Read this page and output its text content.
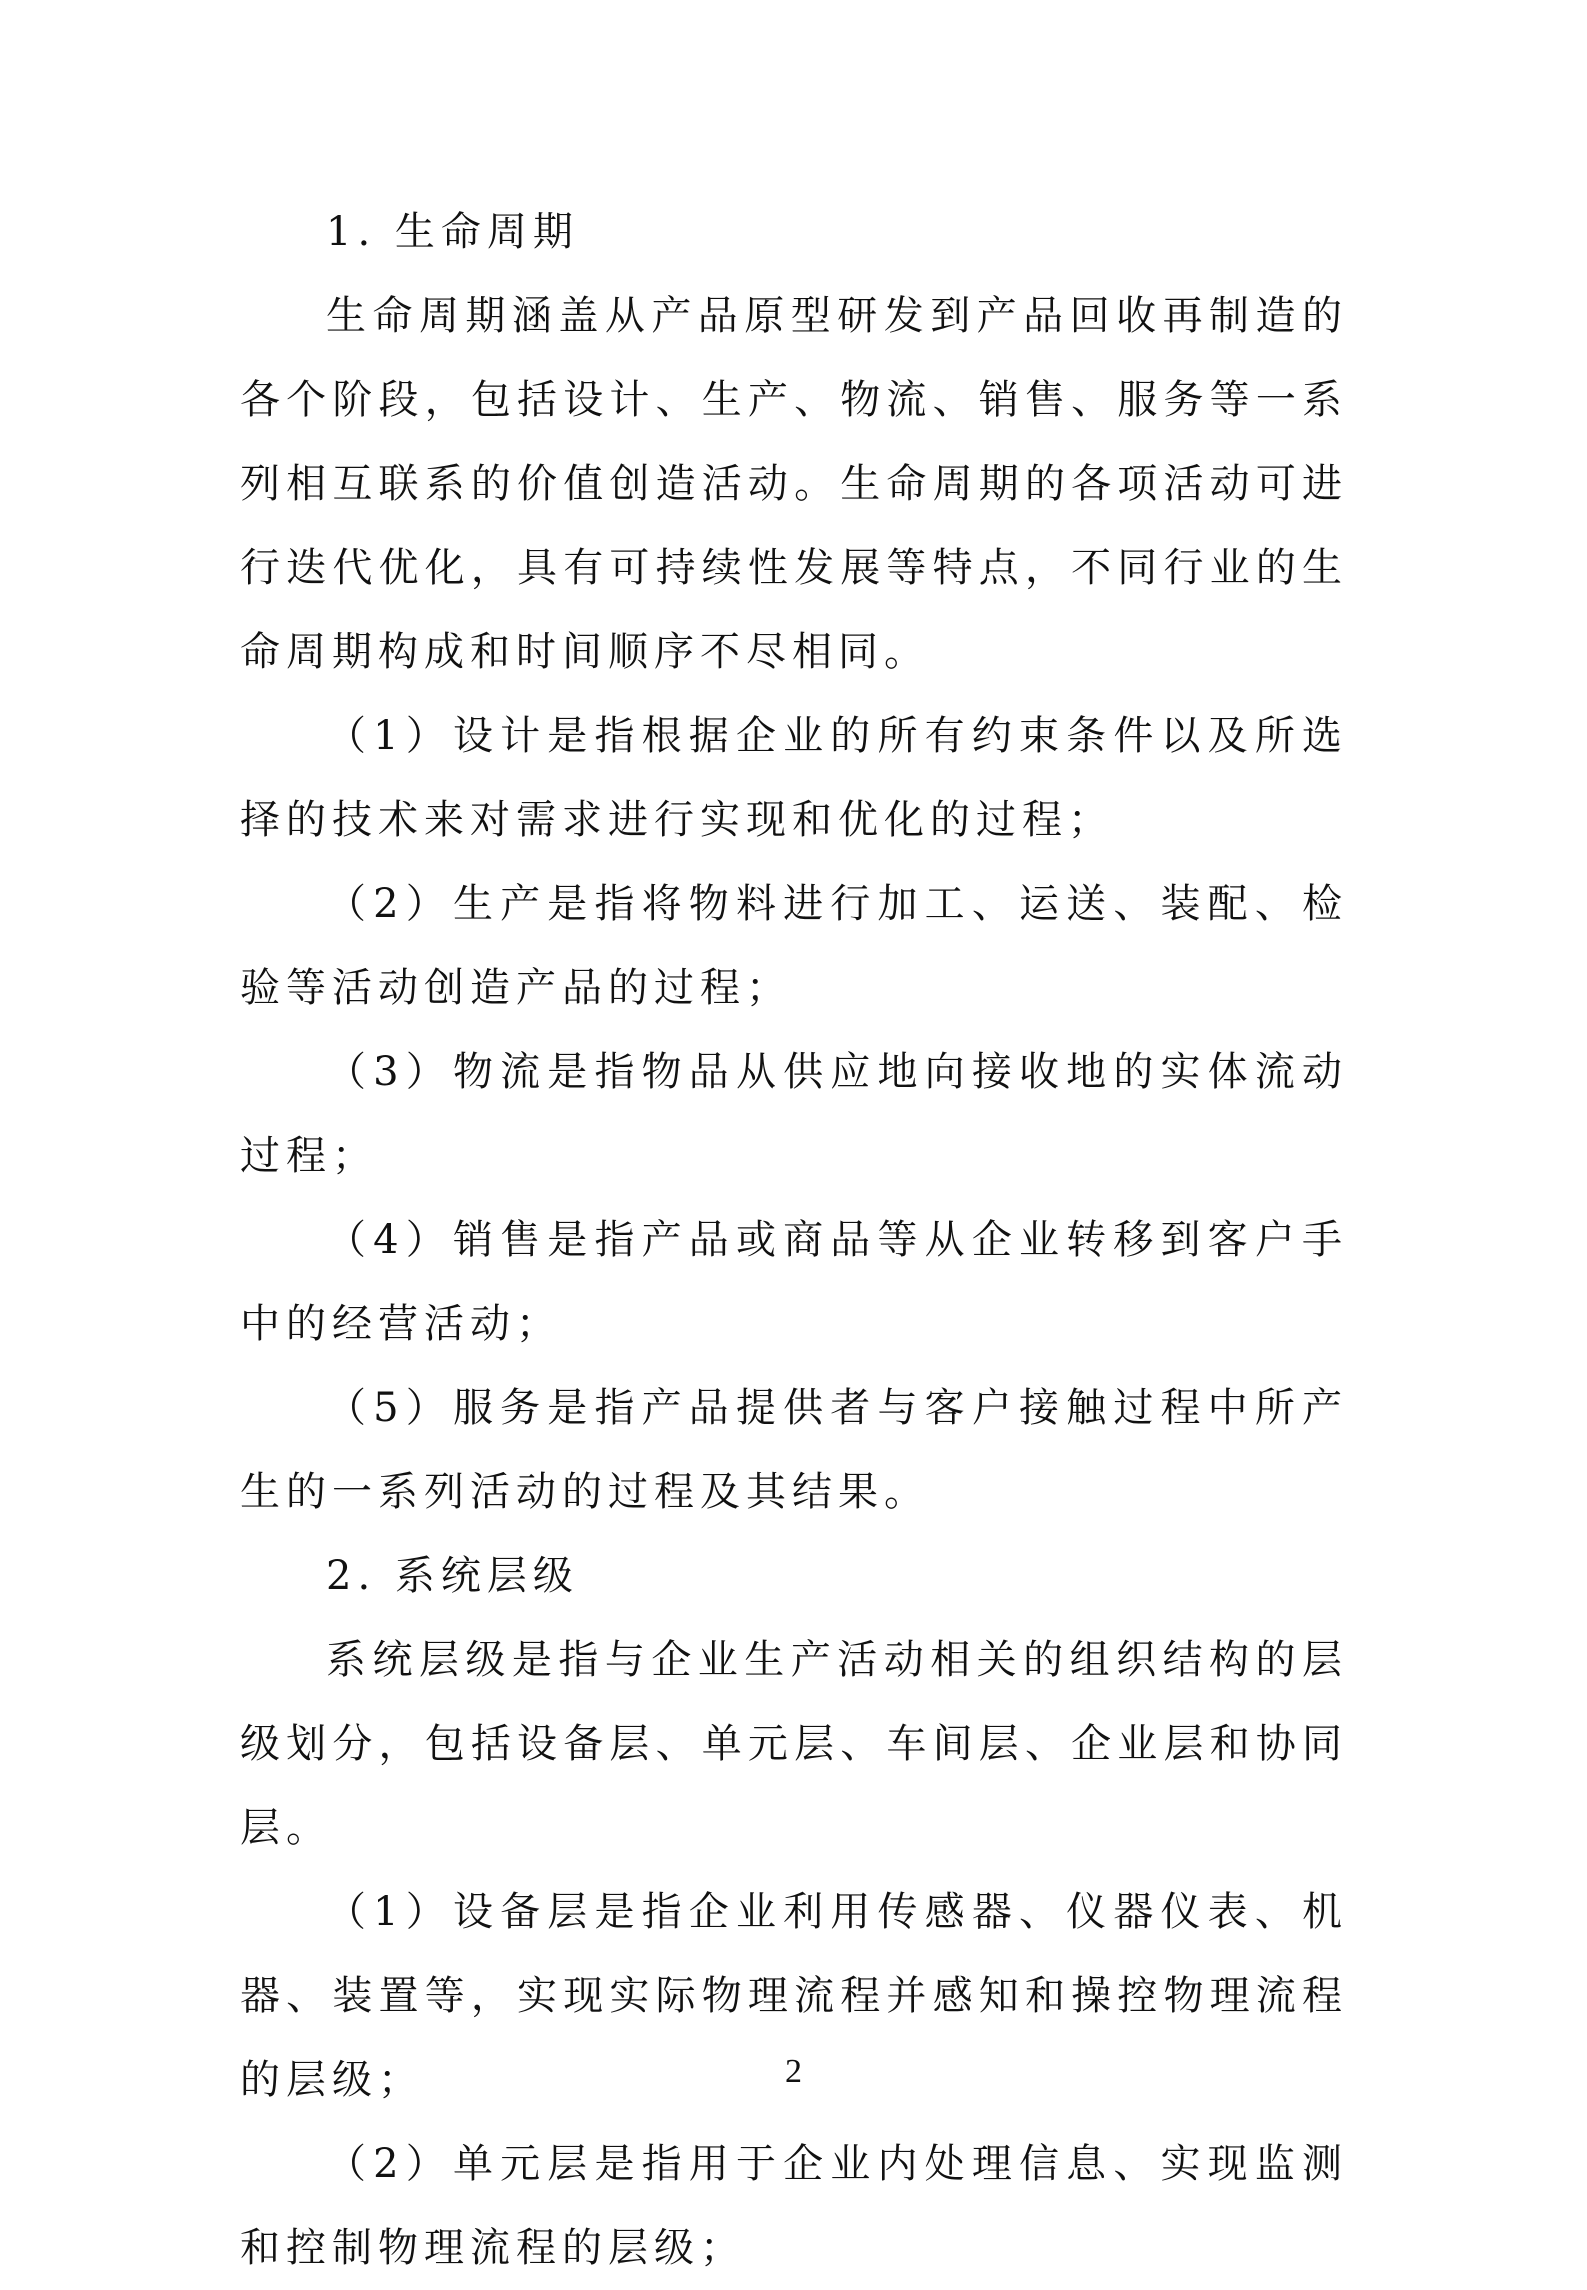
1. 生命周期

生命周期涵盖从产品原型研发到产品回收再制造的各个阶段，包括设计、生产、物流、销售、服务等一系列相互联系的价值创造活动。生命周期的各项活动可进行迭代优化，具有可持续性发展等特点，不同行业的生命周期构成和时间顺序不尽相同。

（1）设计是指根据企业的所有约束条件以及所选择的技术来对需求进行实现和优化的过程；

（2）生产是指将物料进行加工、运送、装配、检验等活动创造产品的过程；

（3）物流是指物品从供应地向接收地的实体流动过程；

（4）销售是指产品或商品等从企业转移到客户手中的经营活动；

（5）服务是指产品提供者与客户接触过程中所产生的一系列活动的过程及其结果。

2. 系统层级

系统层级是指与企业生产活动相关的组织结构的层级划分，包括设备层、单元层、车间层、企业层和协同层。

（1）设备层是指企业利用传感器、仪器仪表、机器、装置等，实现实际物理流程并感知和操控物理流程的层级；

（2）单元层是指用于企业内处理信息、实现监测和控制物理流程的层级；

2
